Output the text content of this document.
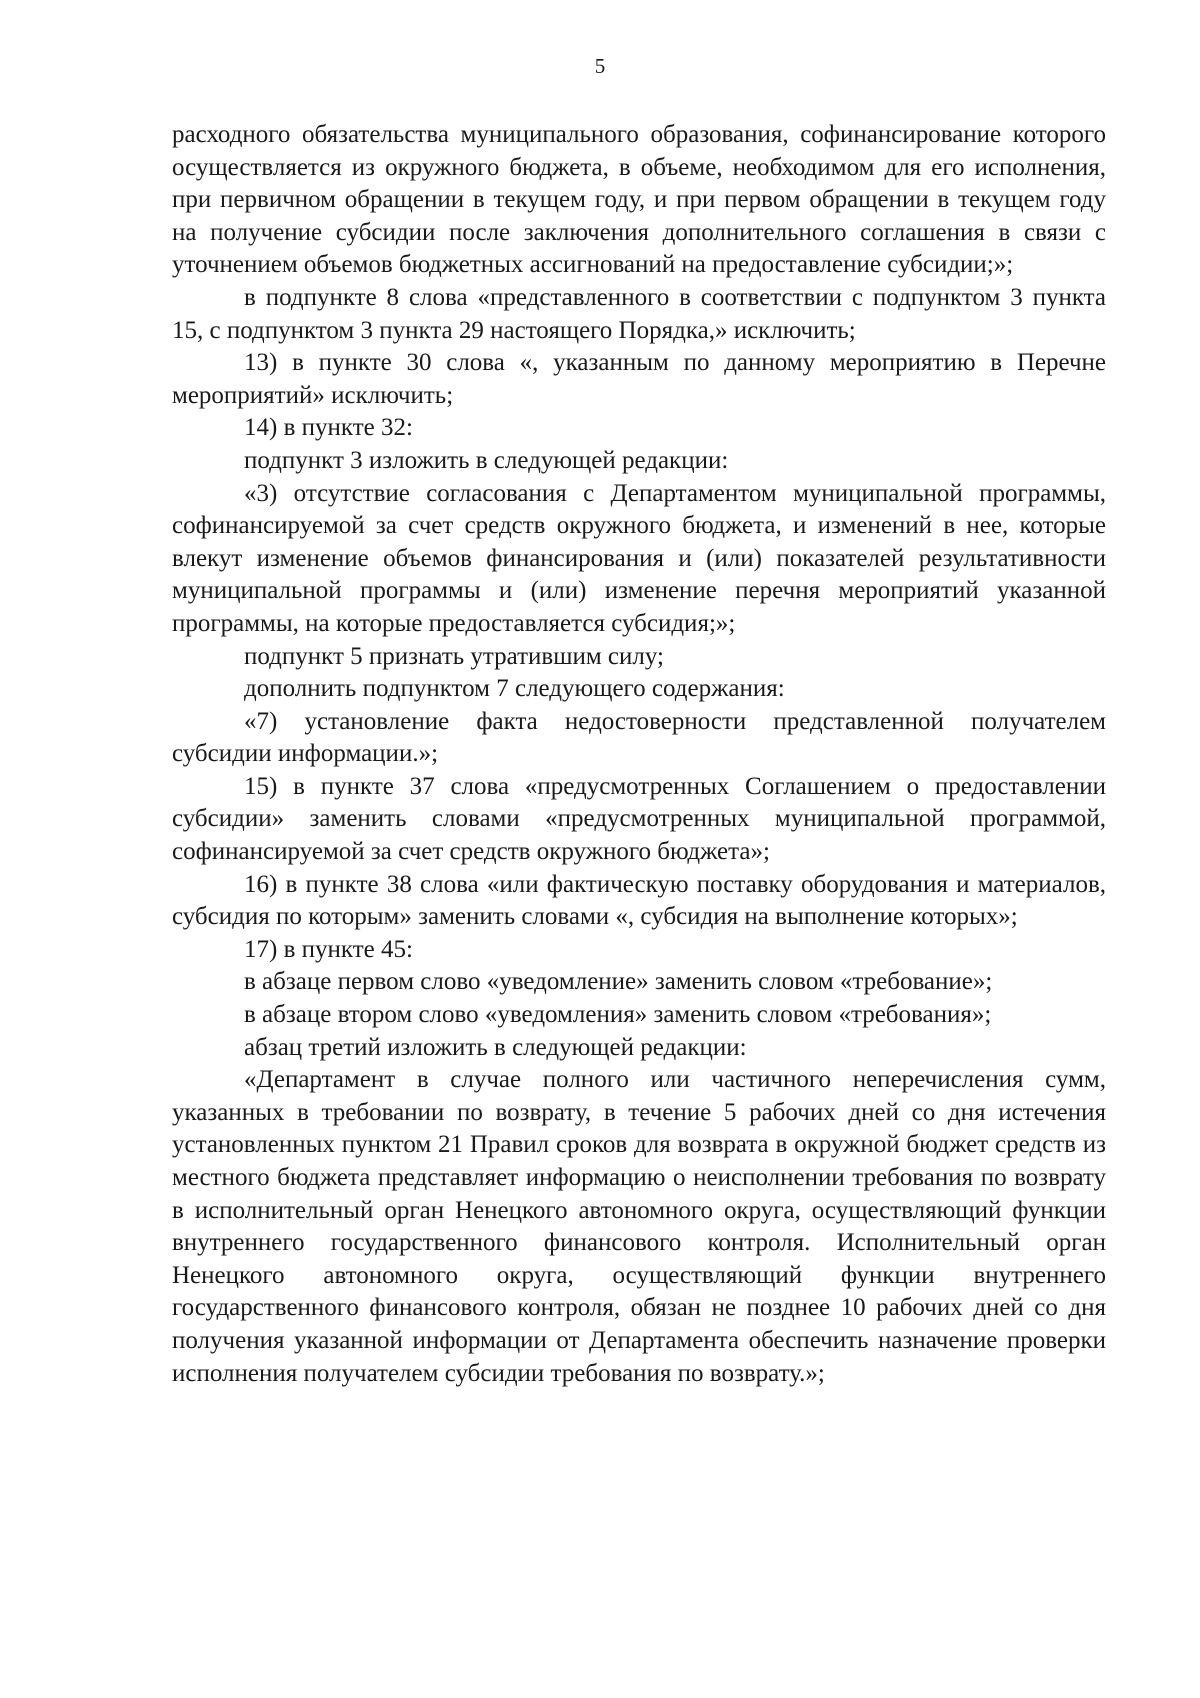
5

расходного обязательства муниципального образования, софинансирование которого осуществляется из окружного бюджета, в объеме, необходимом для его исполнения, при первичном обращении в текущем году, и при первом обращении в текущем году на получение субсидии после заключения дополнительного соглашения в связи с уточнением объемов бюджетных ассигнований на предоставление субсидии;»;

в подпункте 8 слова «представленного в соответствии с подпунктом 3 пункта 15, с подпунктом 3 пункта 29 настоящего Порядка,» исключить;

13) в пункте 30 слова «, указанным по данному мероприятию в Перечне мероприятий» исключить;

14) в пункте 32:

подпункт 3 изложить в следующей редакции:

«3) отсутствие согласования с Департаментом муниципальной программы, софинансируемой за счет средств окружного бюджета, и изменений в нее, которые влекут изменение объемов финансирования и (или) показателей результативности муниципальной программы и (или) изменение перечня мероприятий указанной программы, на которые предоставляется субсидия;»;

подпункт 5 признать утратившим силу;

дополнить подпунктом 7 следующего содержания:

«7) установление факта недостоверности представленной получателем субсидии информации.»;

15) в пункте 37 слова «предусмотренных Соглашением о предоставлении субсидии» заменить словами «предусмотренных муниципальной программой, софинансируемой за счет средств окружного бюджета»;

16) в пункте 38 слова «или фактическую поставку оборудования и материалов, субсидия по которым» заменить словами «, субсидия на выполнение которых»;

17) в пункте 45:

в абзаце первом слово «уведомление» заменить словом «требование»;

в абзаце втором слово «уведомления» заменить словом «требования»;

абзац третий изложить в следующей редакции:

«Департамент в случае полного или частичного неперечисления сумм, указанных в требовании по возврату, в течение 5 рабочих дней со дня истечения установленных пунктом 21 Правил сроков для возврата в окружной бюджет средств из местного бюджета представляет информацию о неисполнении требования по возврату в исполнительный орган Ненецкого автономного округа, осуществляющий функции внутреннего государственного финансового контроля. Исполнительный орган Ненецкого автономного округа, осуществляющий функции внутреннего государственного финансового контроля, обязан не позднее 10 рабочих дней со дня получения указанной информации от Департамента обеспечить назначение проверки исполнения получателем субсидии требования по возврату.»;
